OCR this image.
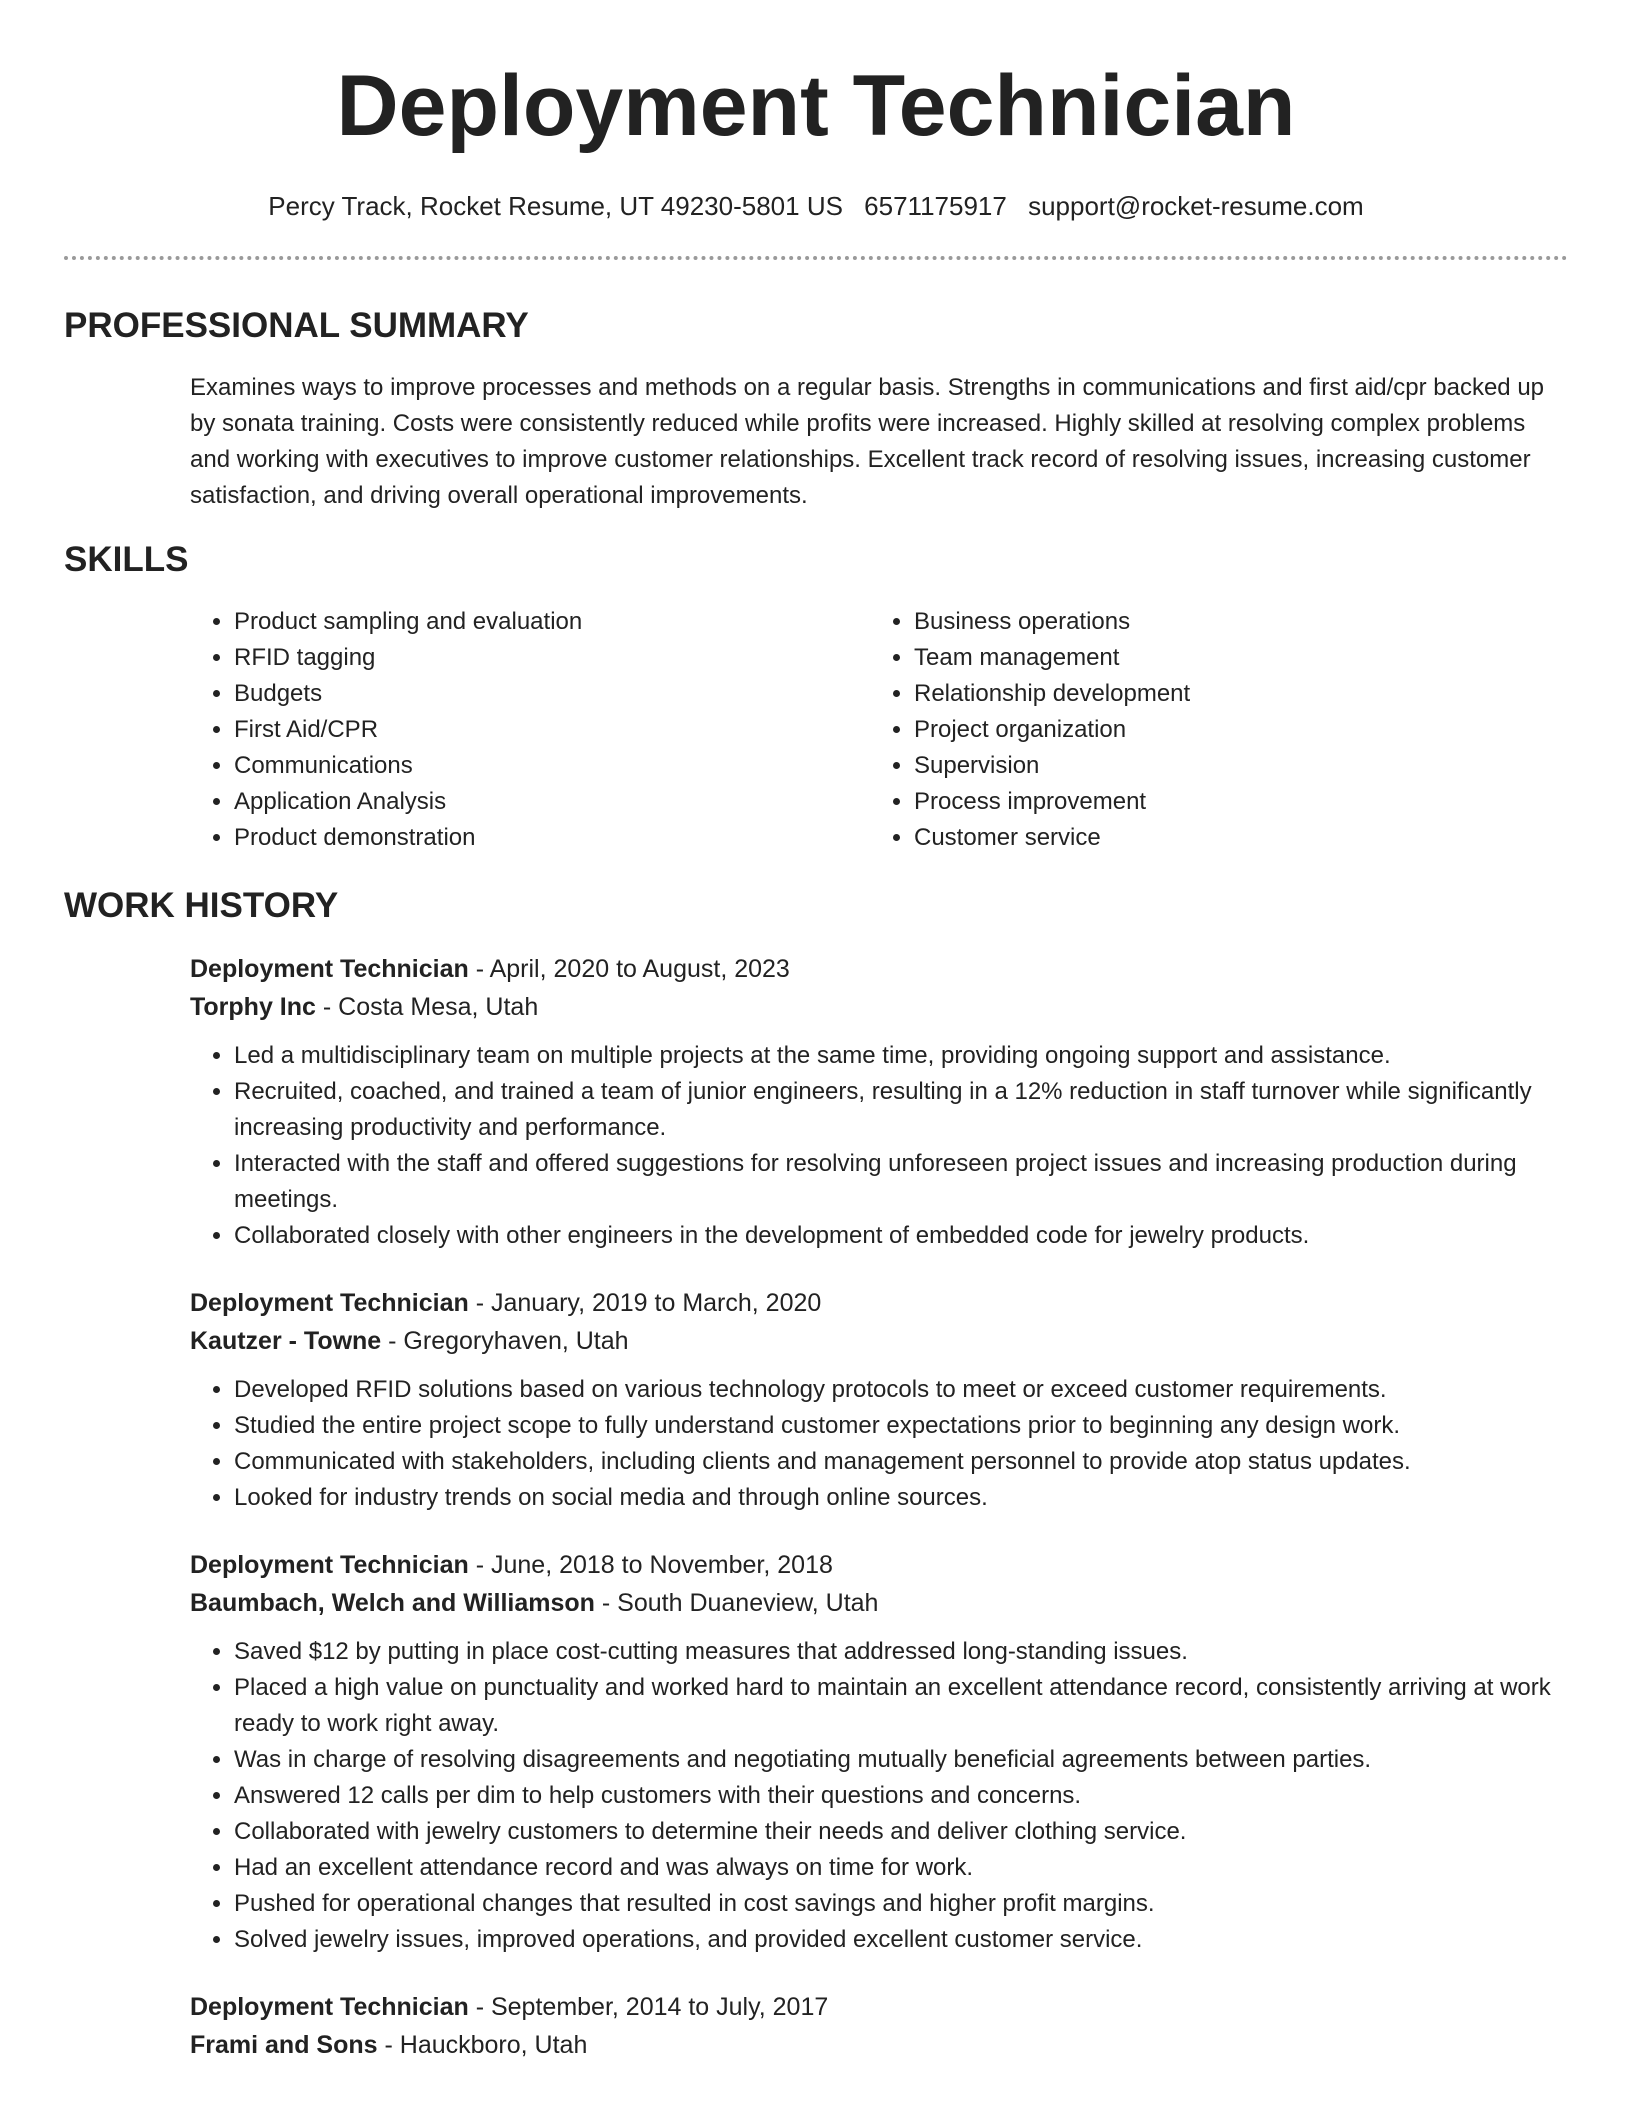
Deployment Technician
Percy Track, Rocket Resume, UT 49230-5801 US 6571175917 support@rocket-resume.com
PROFESSIONAL SUMMARY

Examines ways to improve processes and methods on a regular basis. Strengths in communications and first aid/cpr backed up by sonata training. Costs were consistently reduced while profits were increased. Highly skilled at resolving complex problems and working with executives to improve customer relationships. Excellent track record of resolving issues, increasing customer satisfaction, and driving overall operational improvements.

SKILLS
• Product sampling and evaluation
• RFID tagging
• Budgets
• First Aid/CPR
• Communications
• Application Analysis
• Product demonstration
• Business operations
• Team management
• Relationship development
• Project organization
• Supervision
• Process improvement
• Customer service
WORK HISTORY
Deployment Technician - April, 2020 to August, 2023
Torphy Inc - Costa Mesa, Utah
• Led a multidisciplinary team on multiple projects at the same time, providing ongoing support and assistance.
• Recruited, coached, and trained a team of junior engineers, resulting in a 12% reduction in staff turnover while significantly increasing productivity and performance.
• Interacted with the staff and offered suggestions for resolving unforeseen project issues and increasing production during meetings.
• Collaborated closely with other engineers in the development of embedded code for jewelry products.
Deployment Technician - January, 2019 to March, 2020
Kautzer - Towne - Gregoryhaven, Utah
• Developed RFID solutions based on various technology protocols to meet or exceed customer requirements.
• Studied the entire project scope to fully understand customer expectations prior to beginning any design work.
• Communicated with stakeholders, including clients and management personnel to provide atop status updates.
• Looked for industry trends on social media and through online sources.
Deployment Technician - June, 2018 to November, 2018
Baumbach, Welch and Williamson - South Duaneview, Utah
• Saved $12 by putting in place cost-cutting measures that addressed long-standing issues.
• Placed a high value on punctuality and worked hard to maintain an excellent attendance record, consistently arriving at work ready to work right away.
• Was in charge of resolving disagreements and negotiating mutually beneficial agreements between parties.
• Answered 12 calls per dim to help customers with their questions and concerns.
• Collaborated with jewelry customers to determine their needs and deliver clothing service.
• Had an excellent attendance record and was always on time for work.
• Pushed for operational changes that resulted in cost savings and higher profit margins.
• Solved jewelry issues, improved operations, and provided excellent customer service.
Deployment Technician - September, 2014 to July, 2017
Frami and Sons - Hauckboro, Utah
